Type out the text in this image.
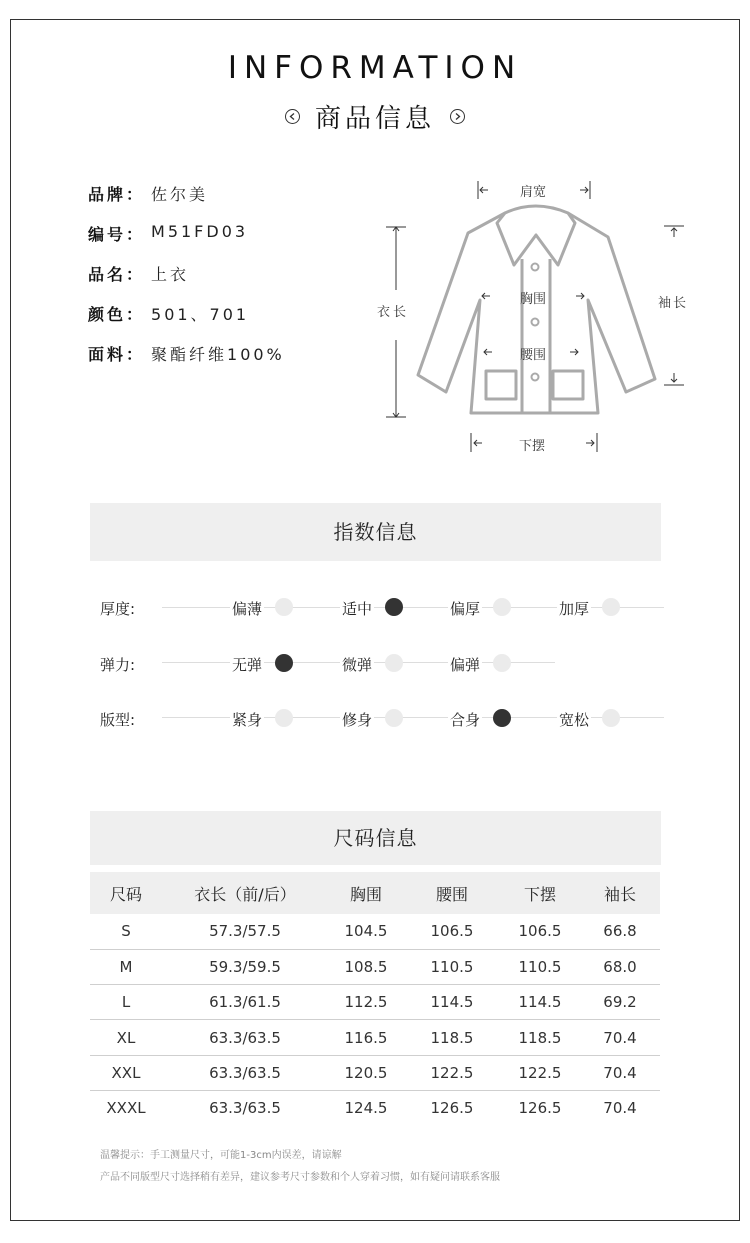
INFORMATION
商品信息
品牌： 佐尔美
编号： M51FD03
品名： 上衣
颜色： 501、701
面料： 聚酯纤维100%
肩宽
衣长
胸围
腰围
袖长
下摆
指数信息
厚度:	偏薄	适中	偏厚	加厚
弹力:	无弹	微弹	偏弹
版型:	紧身	修身	合身	宽松
尺码信息
尺码	衣长（前/后）	胸围	腰围	下摆	袖长
S	57.3/57.5	104.5	106.5	106.5	66.8
M	59.3/59.5	108.5	110.5	110.5	68.0
L	61.3/61.5	112.5	114.5	114.5	69.2
XL	63.3/63.5	116.5	118.5	118.5	70.4
XXL	63.3/63.5	120.5	122.5	122.5	70.4
XXXL	63.3/63.5	124.5	126.5	126.5	70.4
温馨提示：手工测量尺寸，可能1-3cm内误差，请谅解
产品不同版型尺寸选择稍有差异，建议参考尺寸参数和个人穿着习惯，如有疑问请联系客服
